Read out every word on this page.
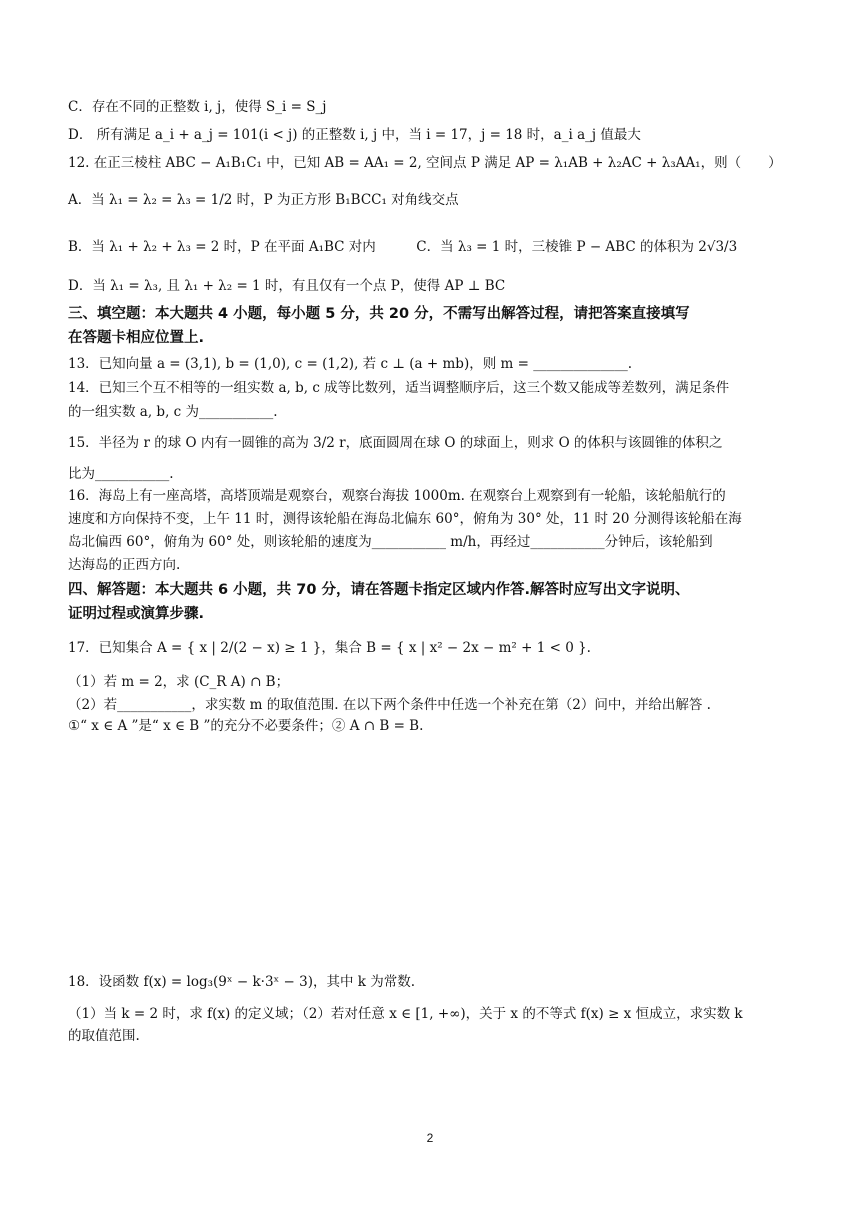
C．存在不同的正整数 i, j，使得 S_i = S_j
D． 所有满足 a_i + a_j = 101(i < j) 的正整数 i, j 中，当 i = 17，j = 18 时，a_i a_j 值最大
12. 在正三棱柱 ABC − A₁B₁C₁ 中，已知 AB = AA₁ = 2, 空间点 P 满足 AP = λ₁AB + λ₂AC + λ₃AA₁，则（　　）
A．当 λ₁ = λ₂ = λ₃ = 1/2 时，P 为正方形 B₁BCC₁ 对角线交点
B．当 λ₁ + λ₂ + λ₃ = 2 时，P 在平面 A₁BC 对内　　　C．当 λ₃ = 1 时，三棱锥 P − ABC 的体积为 2√3/3
D．当 λ₁ = λ₃, 且 λ₁ + λ₂ = 1 时，有且仅有一个点 P，使得 AP ⊥ BC
三、填空题：本大题共 4 小题，每小题 5 分，共 20 分，不需写出解答过程，请把答案直接填写
在答题卡相应位置上.
13．已知向量 a = (3,1), b = (1,0), c = (1,2), 若 c ⊥ (a + mb)，则 m = ______________.
14．已知三个互不相等的一组实数 a, b, c 成等比数列，适当调整顺序后，这三个数又能成等差数列，满足条件
的一组实数 a, b, c 为___________.
15．半径为 r 的球 O 内有一圆锥的高为 3/2 r，底面圆周在球 O 的球面上，则求 O 的体积与该圆锥的体积之
比为___________.
16．海岛上有一座高塔，高塔顶端是观察台，观察台海拔 1000m. 在观察台上观察到有一轮船，该轮船航行的
速度和方向保持不变，上午 11 时，测得该轮船在海岛北偏东 60°，俯角为 30° 处，11 时 20 分测得该轮船在海
岛北偏西 60°，俯角为 60° 处，则该轮船的速度为___________ m/h，再经过___________分钟后，该轮船到
达海岛的正西方向.
四、解答题：本大题共 6 小题，共 70 分，请在答题卡指定区域内作答.解答时应写出文字说明、
证明过程或演算步骤.
17．已知集合 A = { x | 2/(2 − x) ≥ 1 }，集合 B = { x | x² − 2x − m² + 1 < 0 }.
（1）若 m = 2，求 (C_R A) ∩ B；
（2）若___________，求实数 m 的取值范围. 在以下两个条件中任选一个补充在第（2）问中，并给出解答 .
①“ x ∈ A ”是“ x ∈ B ”的充分不必要条件；② A ∩ B = B.
18．设函数 f(x) = log₃(9ˣ − k·3ˣ − 3)，其中 k 为常数.
（1）当 k = 2 时，求 f(x) 的定义域；（2）若对任意 x ∈ [1, +∞)，关于 x 的不等式 f(x) ≥ x 恒成立，求实数 k
的取值范围.
2
